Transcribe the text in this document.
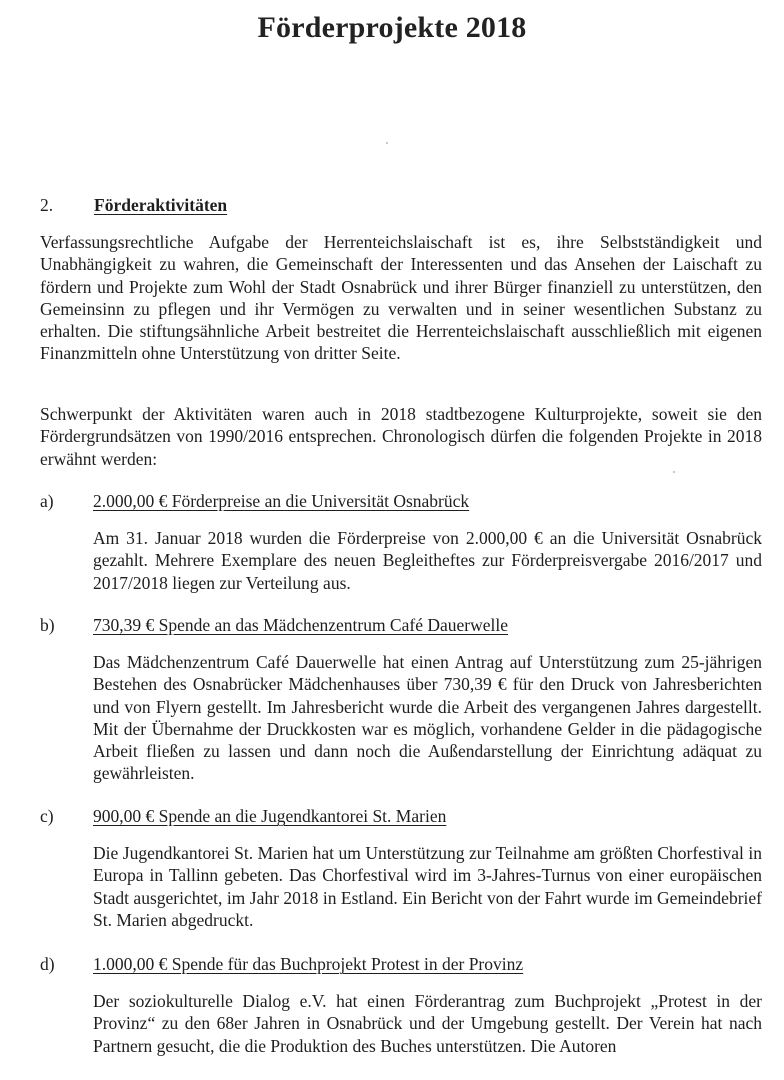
Förderprojekte 2018
2. Förderaktivitäten

Verfassungsrechtliche Aufgabe der Herrenteichslaischaft ist es, ihre Selbstständigkeit und Unabhängigkeit zu wahren, die Gemeinschaft der Interessenten und das Ansehen der Laischaft zu fördern und Projekte zum Wohl der Stadt Osnabrück und ihrer Bürger finanziell zu unterstützen, den Gemeinsinn zu pflegen und ihr Vermögen zu verwalten und in seiner wesentlichen Substanz zu erhalten. Die stiftungsähnliche Arbeit bestreitet die Herrenteichslaischaft ausschließlich mit eigenen Finanzmitteln ohne Unterstützung von dritter Seite.

Schwerpunkt der Aktivitäten waren auch in 2018 stadtbezogene Kulturprojekte, soweit sie den Fördergrundsätzen von 1990/2016 entsprechen. Chronologisch dürfen die folgenden Projekte in 2018 erwähnt werden:

a) 2.000,00 € Förderpreise an die Universität Osnabrück

Am 31. Januar 2018 wurden die Förderpreise von 2.000,00 € an die Universität Osnabrück gezahlt. Mehrere Exemplare des neuen Begleitheftes zur Förderpreisvergabe 2016/2017 und 2017/2018 liegen zur Verteilung aus.

b) 730,39 € Spende an das Mädchenzentrum Café Dauerwelle

Das Mädchenzentrum Café Dauerwelle hat einen Antrag auf Unterstützung zum 25-jährigen Bestehen des Osnabrücker Mädchenhauses über 730,39 € für den Druck von Jahresberichten und von Flyern gestellt. Im Jahresbericht wurde die Arbeit des vergangenen Jahres dargestellt. Mit der Übernahme der Druckkosten war es möglich, vorhandene Gelder in die pädagogische Arbeit fließen zu lassen und dann noch die Außendarstellung der Einrichtung adäquat zu gewährleisten.

c) 900,00 € Spende an die Jugendkantorei St. Marien

Die Jugendkantorei St. Marien hat um Unterstützung zur Teilnahme am größten Chorfestival in Europa in Tallinn gebeten. Das Chorfestival wird im 3-Jahres-Turnus von einer europäischen Stadt ausgerichtet, im Jahr 2018 in Estland. Ein Bericht von der Fahrt wurde im Gemeindebrief St. Marien abgedruckt.

d) 1.000,00 € Spende für das Buchprojekt Protest in der Provinz

Der soziokulturelle Dialog e.V. hat einen Förderantrag zum Buchprojekt „Protest in der Provinz“ zu den 68er Jahren in Osnabrück und der Umgebung gestellt. Der Verein hat nach Partnern gesucht, die die Produktion des Buches unterstützen. Die Autoren
